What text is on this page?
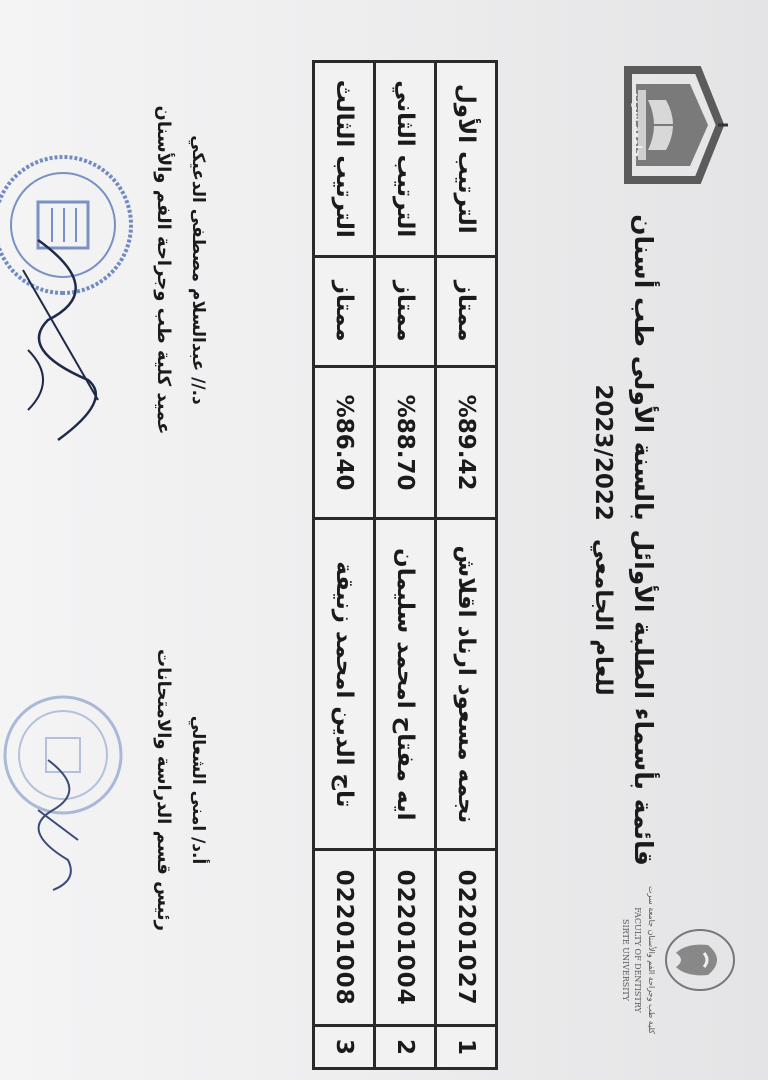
جامعة سرت
كلية طب وجراحة الفم والأسنان جامعة سرت
FACULTY OF DENTISTRY
SIRTE UNIVERSITY
قائمة بأسماء الطلبة الأوائل بالسنة الأولى طب أسنان
للعام الجامعي 2023/2022
1	02201027	نجمه مسعود ارناد اقلاش	%89.42	ممتاز	الترتيب الأول
2	02201004	ايه مفتاح امحمد سليمان	%88.70	ممتاز	الترتيب الثاني
3	02201008	تاج الدين امحمد زنيقة	%86.40	ممتاز	الترتيب الثالث
أ.د/ امنى الشعالي
رئيس قسم الدراسة والامتحانات
د.// عبدالسلام مصطفى الدعيكي
عميد كلية طب وجراحة الفم والأسنان
